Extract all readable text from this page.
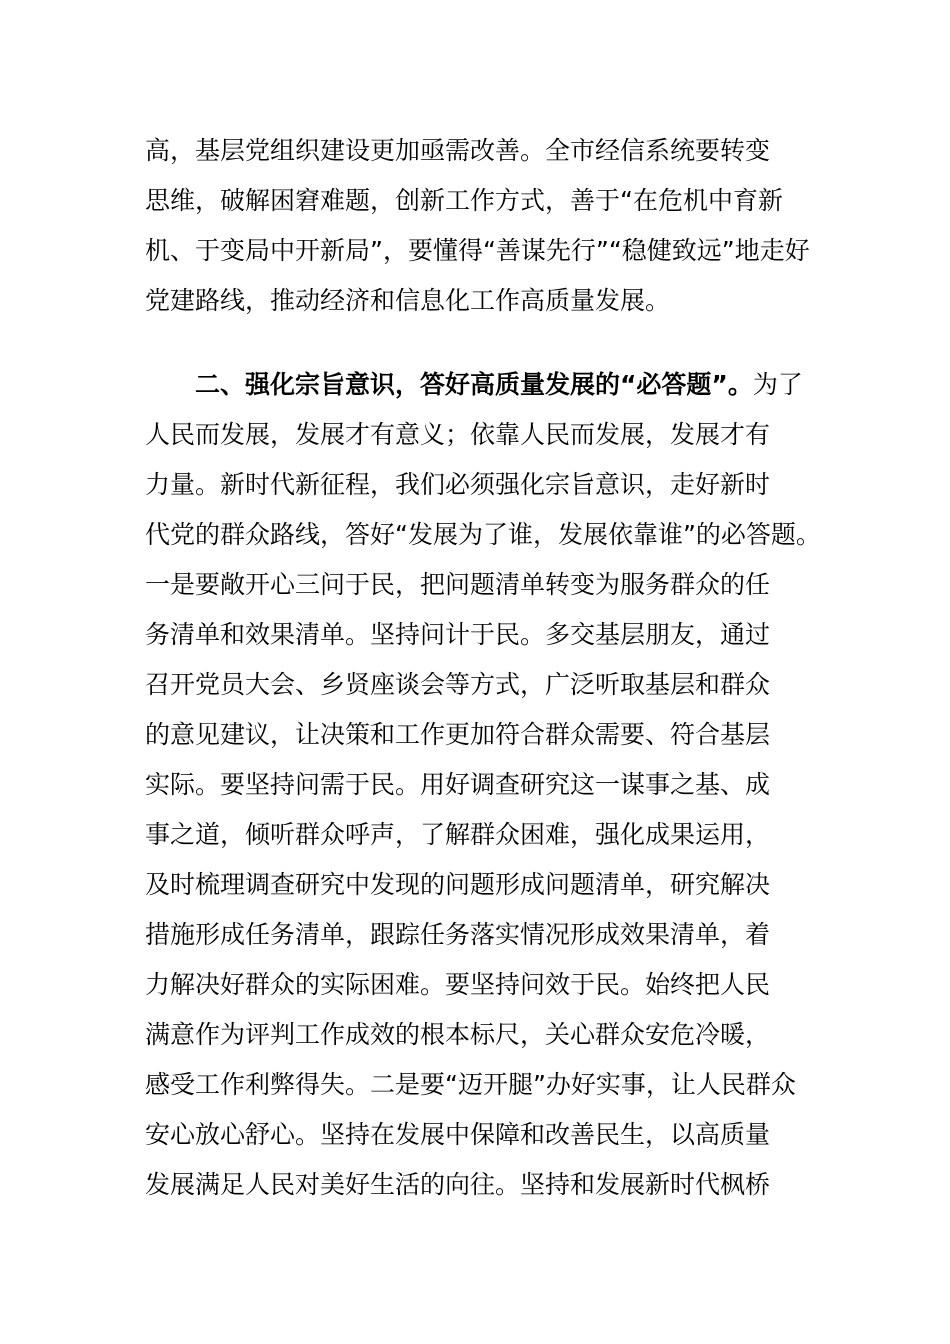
高，基层党组织建设更加亟需改善。全市经信系统要转变
思维，破解困窘难题，创新工作方式，善于“在危机中育新
机、于变局中开新局”，要懂得“善谋先行”“稳健致远”地走好
党建路线，推动经济和信息化工作高质量发展。
二、强化宗旨意识，答好高质量发展的“必答题”。为了
人民而发展，发展才有意义；依靠人民而发展，发展才有
力量。新时代新征程，我们必须强化宗旨意识，走好新时
代党的群众路线，答好“发展为了谁，发展依靠谁”的必答题。
一是要敞开心三问于民，把问题清单转变为服务群众的任
务清单和效果清单。坚持问计于民。多交基层朋友，通过
召开党员大会、乡贤座谈会等方式，广泛听取基层和群众
的意见建议，让决策和工作更加符合群众需要、符合基层
实际。要坚持问需于民。用好调查研究这一谋事之基、成
事之道，倾听群众呼声，了解群众困难，强化成果运用，
及时梳理调查研究中发现的问题形成问题清单，研究解决
措施形成任务清单，跟踪任务落实情况形成效果清单，着
力解决好群众的实际困难。要坚持问效于民。始终把人民
满意作为评判工作成效的根本标尺，关心群众安危冷暖，
感受工作利弊得失。二是要“迈开腿”办好实事，让人民群众
安心放心舒心。坚持在发展中保障和改善民生，以高质量
发展满足人民对美好生活的向往。坚持和发展新时代枫桥
